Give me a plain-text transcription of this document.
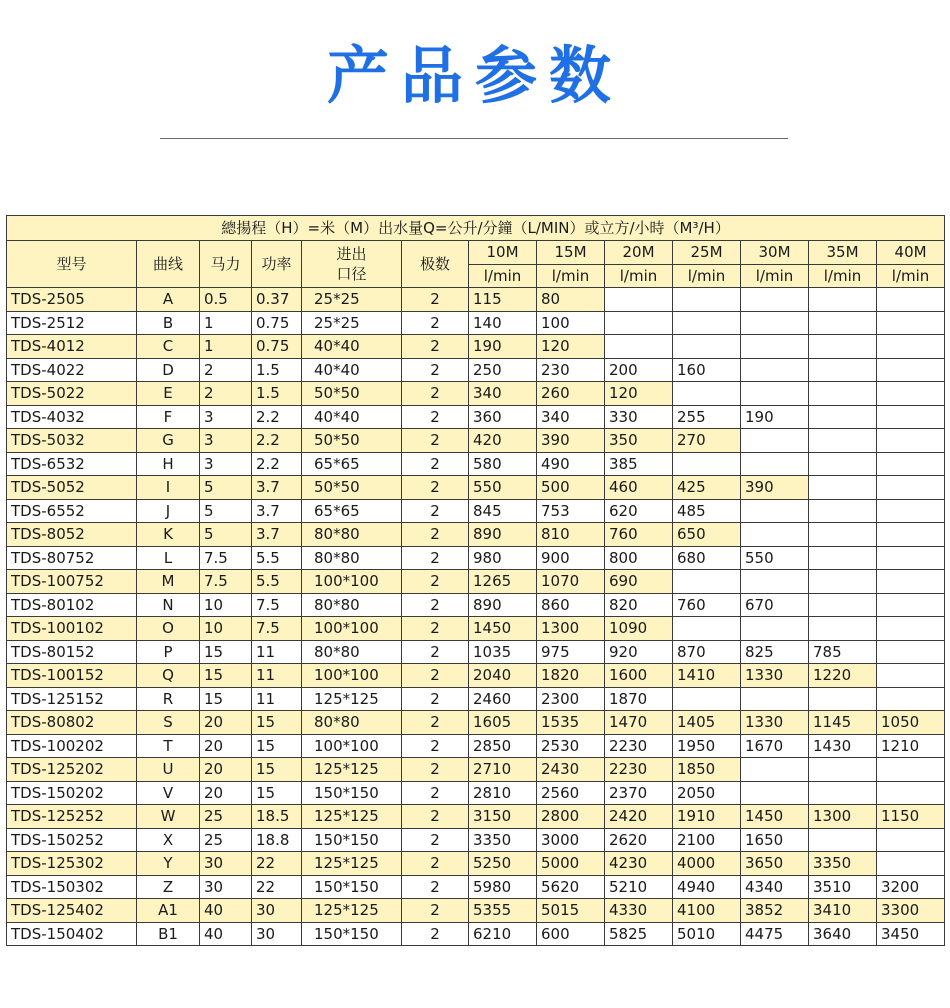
产品参数
總揚程（H）=米（M）出水量Q=公升/分鐘（L/MIN）或立方/小時（M³/H）												
型号	曲线	马力	功率	进出口径	极数	10M	15M	20M	25M	30M	35M	40M
						l/min	l/min	l/min	l/min	l/min	l/min	l/min
TDS-2505	A	0.5	0.37	25*25	2	115	80					
TDS-2512	B	1	0.75	25*25	2	140	100					
TDS-4012	C	1	0.75	40*40	2	190	120					
TDS-4022	D	2	1.5	40*40	2	250	230	200	160			
TDS-5022	E	2	1.5	50*50	2	340	260	120				
TDS-4032	F	3	2.2	40*40	2	360	340	330	255	190		
TDS-5032	G	3	2.2	50*50	2	420	390	350	270			
TDS-6532	H	3	2.2	65*65	2	580	490	385				
TDS-5052	I	5	3.7	50*50	2	550	500	460	425	390		
TDS-6552	J	5	3.7	65*65	2	845	753	620	485			
TDS-8052	K	5	3.7	80*80	2	890	810	760	650			
TDS-80752	L	7.5	5.5	80*80	2	980	900	800	680	550		
TDS-100752	M	7.5	5.5	100*100	2	1265	1070	690				
TDS-80102	N	10	7.5	80*80	2	890	860	820	760	670		
TDS-100102	O	10	7.5	100*100	2	1450	1300	1090				
TDS-80152	P	15	11	80*80	2	1035	975	920	870	825	785	
TDS-100152	Q	15	11	100*100	2	2040	1820	1600	1410	1330	1220	
TDS-125152	R	15	11	125*125	2	2460	2300	1870				
TDS-80802	S	20	15	80*80	2	1605	1535	1470	1405	1330	1145	1050
TDS-100202	T	20	15	100*100	2	2850	2530	2230	1950	1670	1430	1210
TDS-125202	U	20	15	125*125	2	2710	2430	2230	1850			
TDS-150202	V	20	15	150*150	2	2810	2560	2370	2050			
TDS-125252	W	25	18.5	125*125	2	3150	2800	2420	1910	1450	1300	1150
TDS-150252	X	25	18.8	150*150	2	3350	3000	2620	2100	1650		
TDS-125302	Y	30	22	125*125	2	5250	5000	4230	4000	3650	3350	
TDS-150302	Z	30	22	150*150	2	5980	5620	5210	4940	4340	3510	3200
TDS-125402	A1	40	30	125*125	2	5355	5015	4330	4100	3852	3410	3300
TDS-150402	B1	40	30	150*150	2	6210	600	5825	5010	4475	3640	3450
